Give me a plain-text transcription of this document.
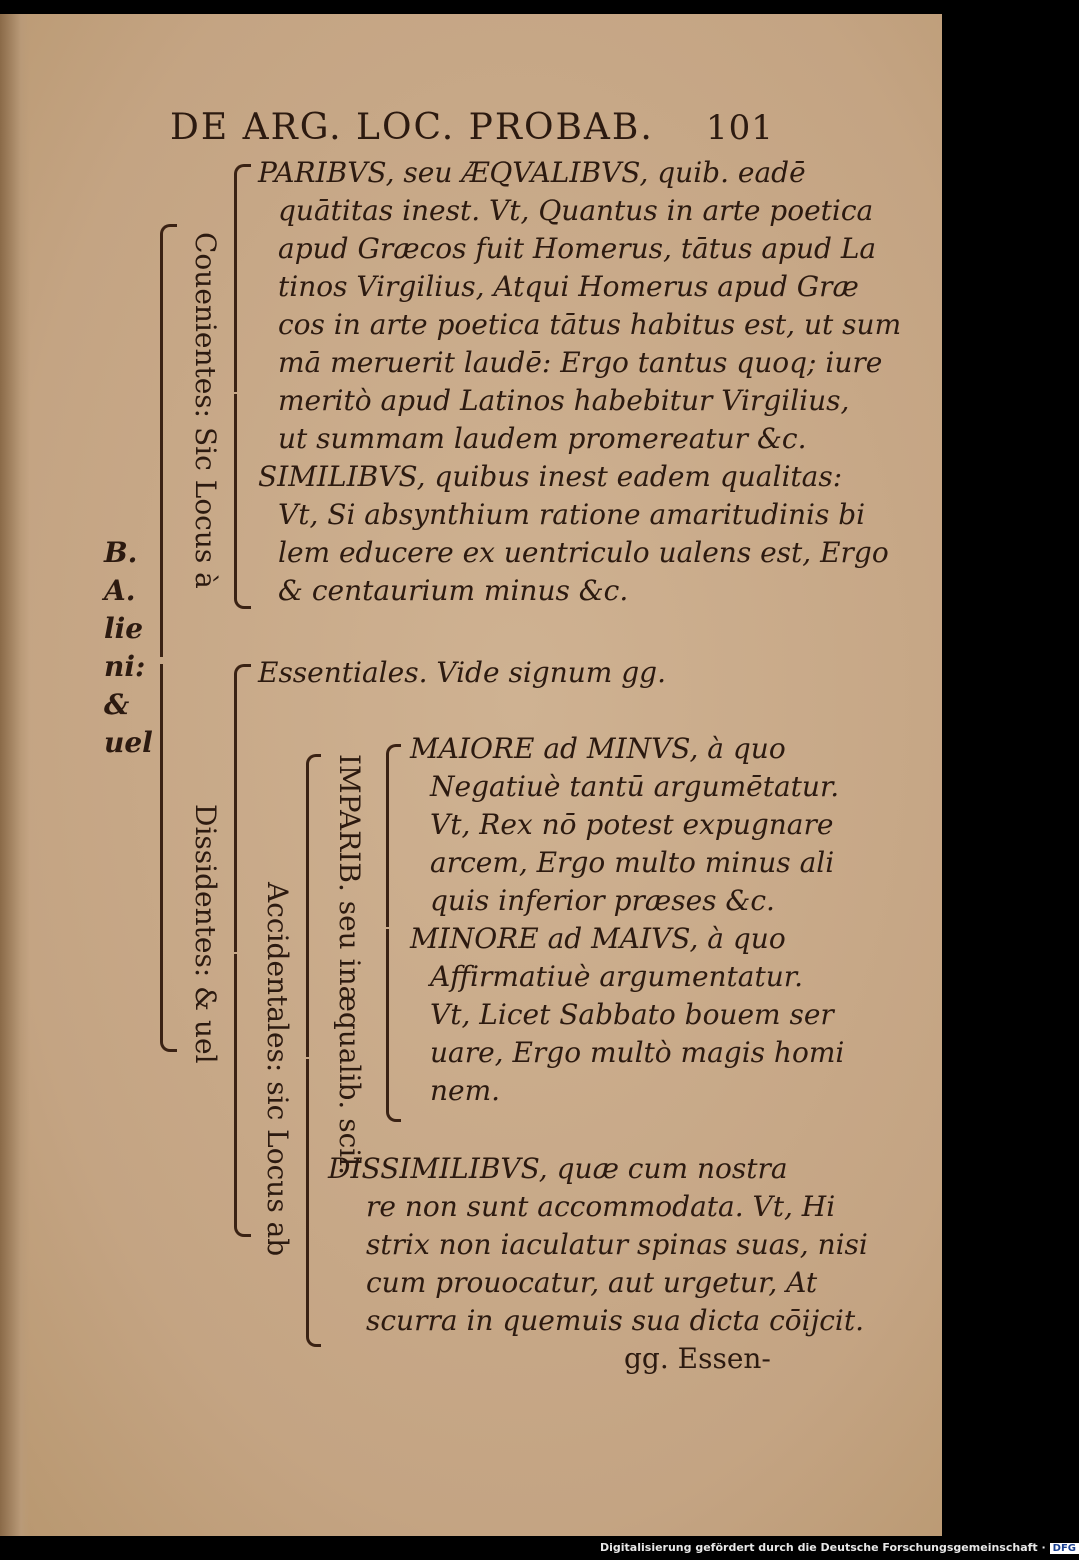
DE ARG. LOC. PROBAB. 101
B.
A.
lie
ni:
&
uel
Couenientes: Sic Locus à
PARIBVS, seu ÆQVALIBVS, quib. eadē
quātitas inest. Vt, Quantus in arte poetica
apud Græcos fuit Homerus, tātus apud La
tinos Virgilius, Atqui Homerus apud Græ
cos in arte poetica tātus habitus est, ut sum
mā meruerit laudē: Ergo tantus quoq; iure
meritò apud Latinos habebitur Virgilius,
ut summam laudem promereatur &c.
SIMILIBVS, quibus inest eadem qualitas:
Vt, Si absynthium ratione amaritudinis bi
lem educere ex uentriculo ualens est, Ergo
& centaurium minus &c.
Dissidentes: & uel
Essentiales. Vide signum gg.
Accidentales: sic Locus ab IMPARIB. seu inæqualib. scil.
MAIORE ad MINVS, à quo
Negatiuè tantū argumētatur.
Vt, Rex nō potest expugnare
arcem, Ergo multo minus ali
quis inferior præses &c.
MINORE ad MAIVS, à quo
Affirmatiuè argumentatur.
Vt, Licet Sabbato bouem ser
uare, Ergo multò magis homi
nem.
DISSIMILIBVS, quæ cum nostra
re non sunt accommodata. Vt, Hi
strix non iaculatur spinas suas, nisi
cum prouocatur, aut urgetur, At
scurra in quemuis sua dicta cōijcit.
gg. Essen-
Digitalisierung gefördert durch die Deutsche Forschungsgemeinschaft · DFG
